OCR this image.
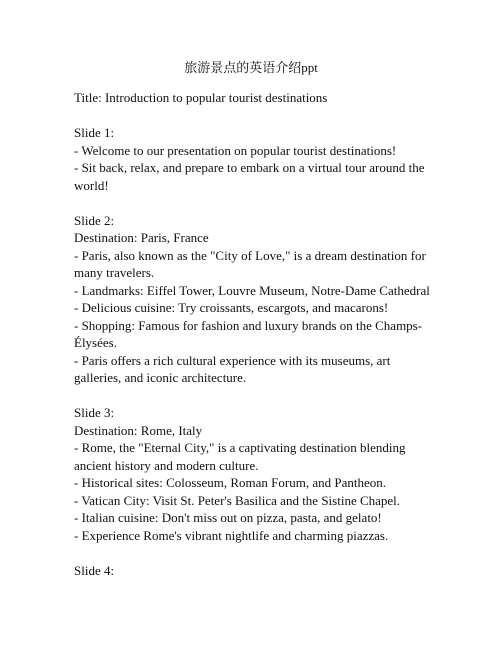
旅游景点的英语介绍ppt
Title: Introduction to popular tourist destinations
Slide 1:
- Welcome to our presentation on popular tourist destinations!
- Sit back, relax, and prepare to embark on a virtual tour around the world!
Slide 2:
Destination: Paris, France
- Paris, also known as the "City of Love," is a dream destination for many travelers.
- Landmarks: Eiffel Tower, Louvre Museum, Notre-Dame Cathedral
- Delicious cuisine: Try croissants, escargots, and macarons!
- Shopping: Famous for fashion and luxury brands on the Champs-Élysées.
- Paris offers a rich cultural experience with its museums, art galleries, and iconic architecture.
Slide 3:
Destination: Rome, Italy
- Rome, the "Eternal City," is a captivating destination blending ancient history and modern culture.
- Historical sites: Colosseum, Roman Forum, and Pantheon.
- Vatican City: Visit St. Peter's Basilica and the Sistine Chapel.
- Italian cuisine: Don't miss out on pizza, pasta, and gelato!
- Experience Rome's vibrant nightlife and charming piazzas.
Slide 4:
